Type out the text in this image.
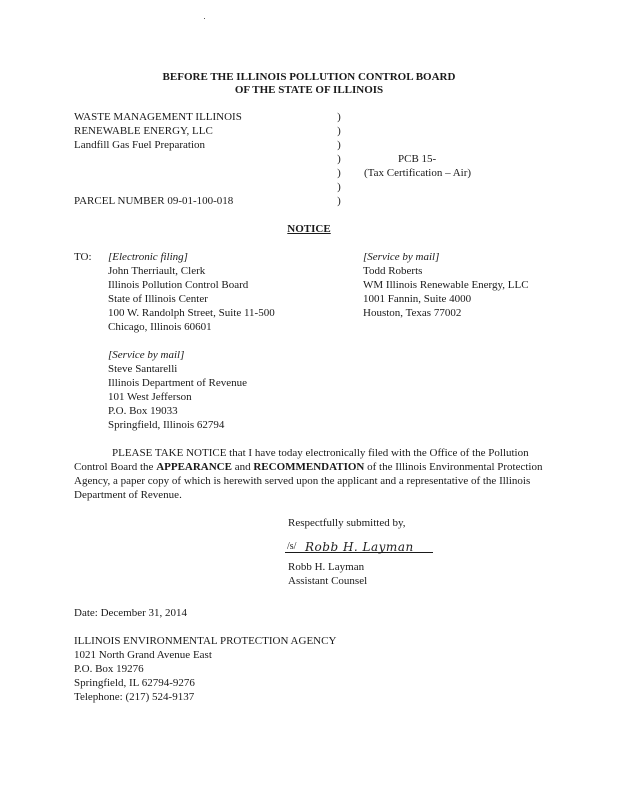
BEFORE THE ILLINOIS POLLUTION CONTROL BOARD
OF THE STATE OF ILLINOIS
WASTE MANAGEMENT ILLINOIS
RENEWABLE ENERGY, LLC
Landfill Gas Fuel Preparation
PARCEL NUMBER 09-01-100-018
)
)
)
)
)
)
)
PCB 15-
(Tax Certification – Air)
NOTICE
TO: [Electronic filing]
John Therriault, Clerk
Illinois Pollution Control Board
State of Illinois Center
100 W. Randolph Street, Suite 11-500
Chicago, Illinois 60601
[Service by mail]
Todd Roberts
WM Illinois Renewable Energy, LLC
1001 Fannin, Suite 4000
Houston, Texas 77002
[Service by mail]
Steve Santarelli
Illinois Department of Revenue
101 West Jefferson
P.O. Box 19033
Springfield, Illinois 62794
PLEASE TAKE NOTICE that I have today electronically filed with the Office of the Pollution Control Board the APPEARANCE and RECOMMENDATION of the Illinois Environmental Protection Agency, a paper copy of which is herewith served upon the applicant and a representative of the Illinois Department of Revenue.
Respectfully submitted by,
/s/ Robb H. Layman
Robb H. Layman
Assistant Counsel
Date: December 31, 2014
ILLINOIS ENVIRONMENTAL PROTECTION AGENCY
1021 North Grand Avenue East
P.O. Box 19276
Springfield, IL 62794-9276
Telephone: (217) 524-9137
